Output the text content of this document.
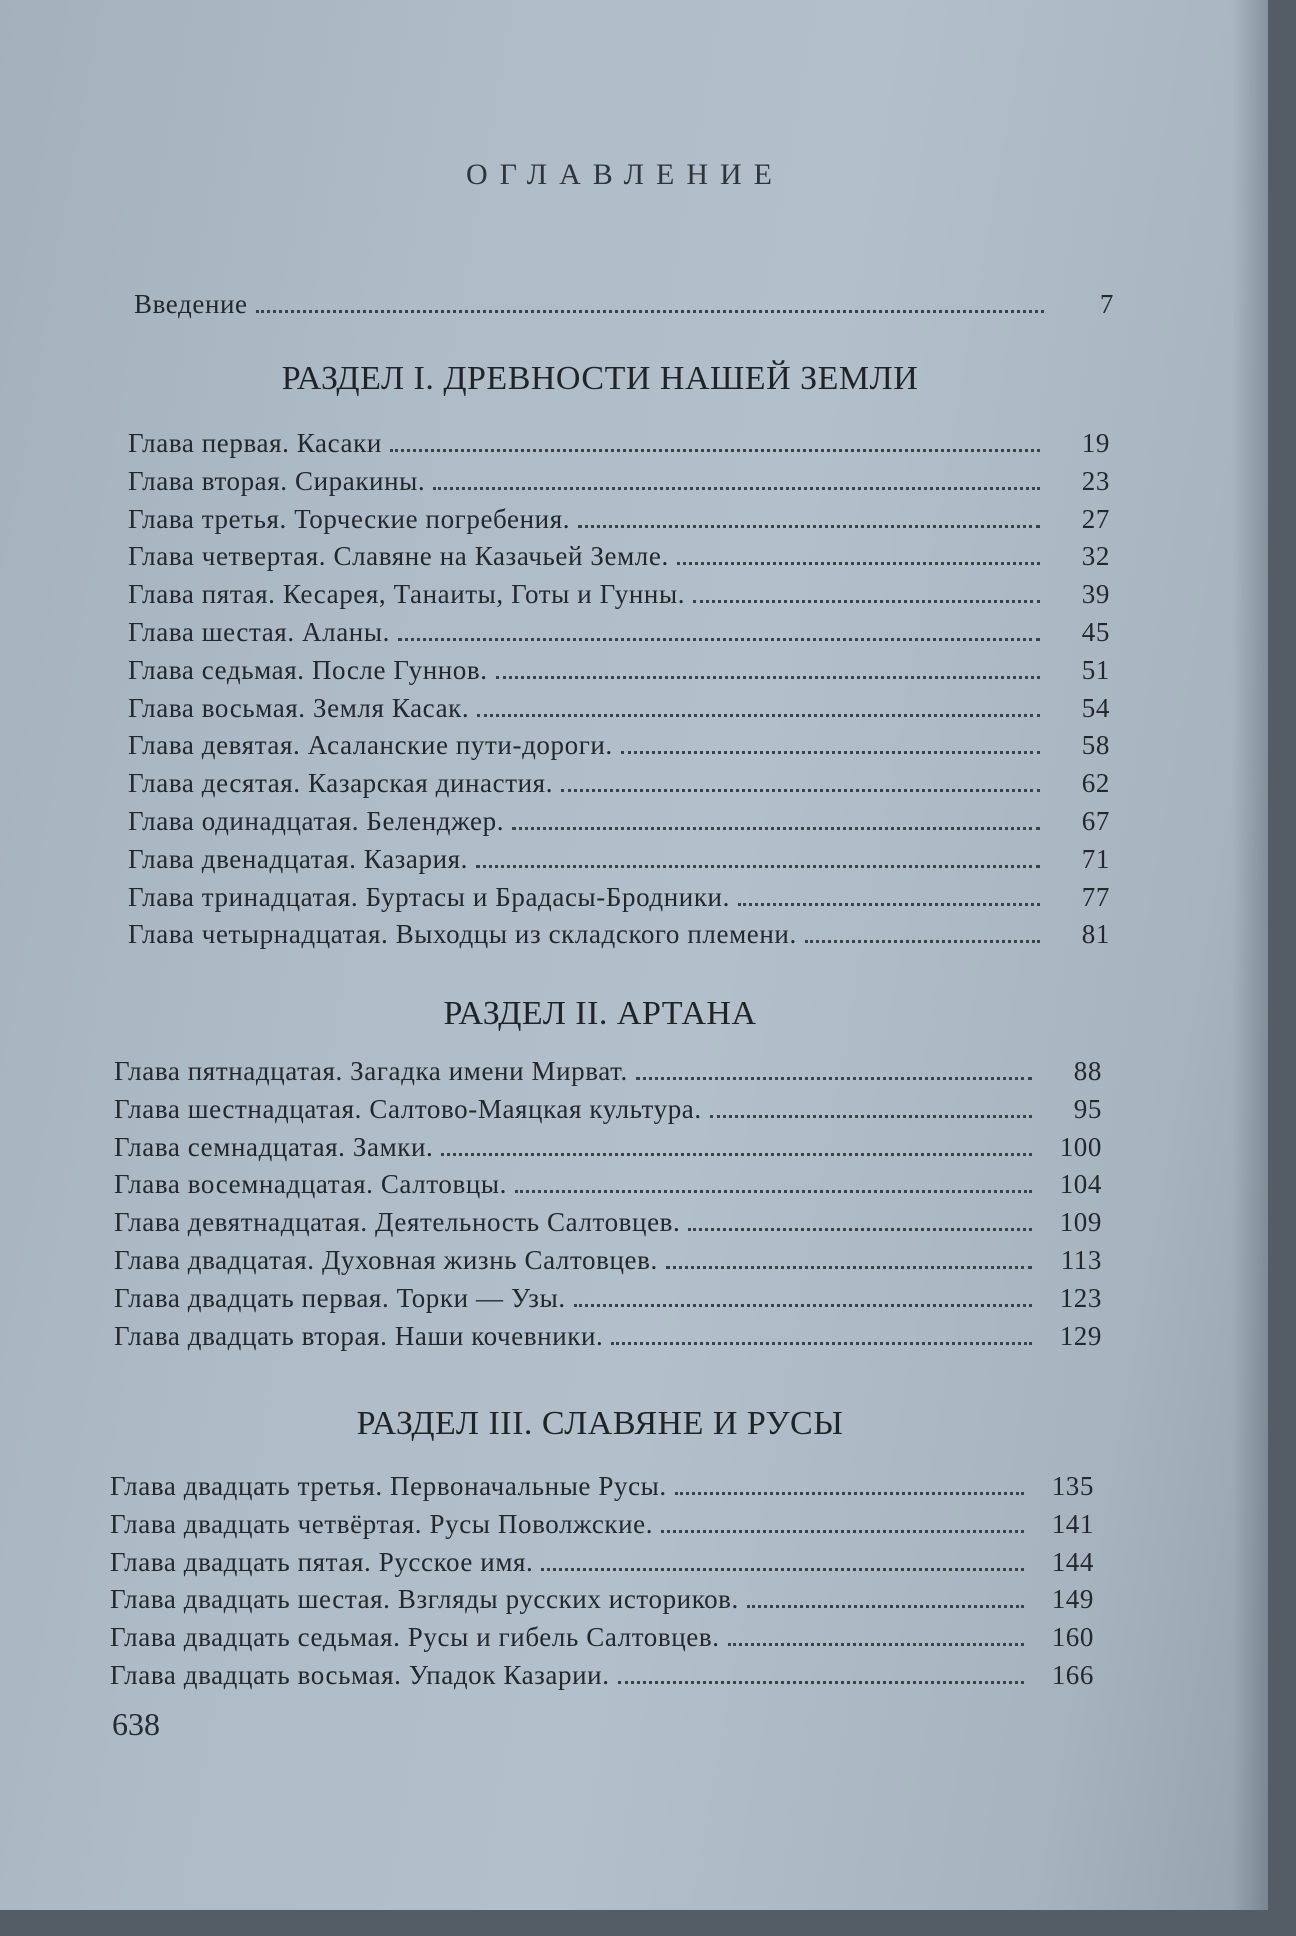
ОГЛАВЛЕНИЕ
Введение	7
РАЗДЕЛ I. ДРЕВНОСТИ НАШЕЙ ЗЕМЛИ
Глава первая. Касаки	19
Глава вторая. Сиракины.	23
Глава третья. Торческие погребения.	27
Глава четвертая. Славяне на Казачьей Земле.	32
Глава пятая. Кесарея, Танаиты, Готы и Гунны.	39
Глава шестая. Аланы.	45
Глава седьмая. После Гуннов.	51
Глава восьмая. Земля Касак.	54
Глава девятая. Асаланские пути-дороги.	58
Глава десятая. Казарская династия.	62
Глава одинадцатая. Беленджер.	67
Глава двенадцатая. Казария.	71
Глава тринадцатая. Буртасы и Брадасы-Бродники.	77
Глава четырнадцатая. Выходцы из складского племени.	81
РАЗДЕЛ II. АРТАНА
Глава пятнадцатая. Загадка имени Мирват.	88
Глава шестнадцатая. Салтово-Маяцкая культура.	95
Глава семнадцатая. Замки.	100
Глава восемнадцатая. Салтовцы.	104
Глава девятнадцатая. Деятельность Салтовцев.	109
Глава двадцатая. Духовная жизнь Салтовцев.	113
Глава двадцать первая. Торки — Узы.	123
Глава двадцать вторая. Наши кочевники.	129
РАЗДЕЛ III. СЛАВЯНЕ И РУСЫ
Глава двадцать третья. Первоначальные Русы.	135
Глава двадцать четвёртая. Русы Поволжские.	141
Глава двадцать пятая. Русское имя.	144
Глава двадцать шестая. Взгляды русских историков.	149
Глава двадцать седьмая. Русы и гибель Салтовцев.	160
Глава двадцать восьмая. Упадок Казарии.	166
638
